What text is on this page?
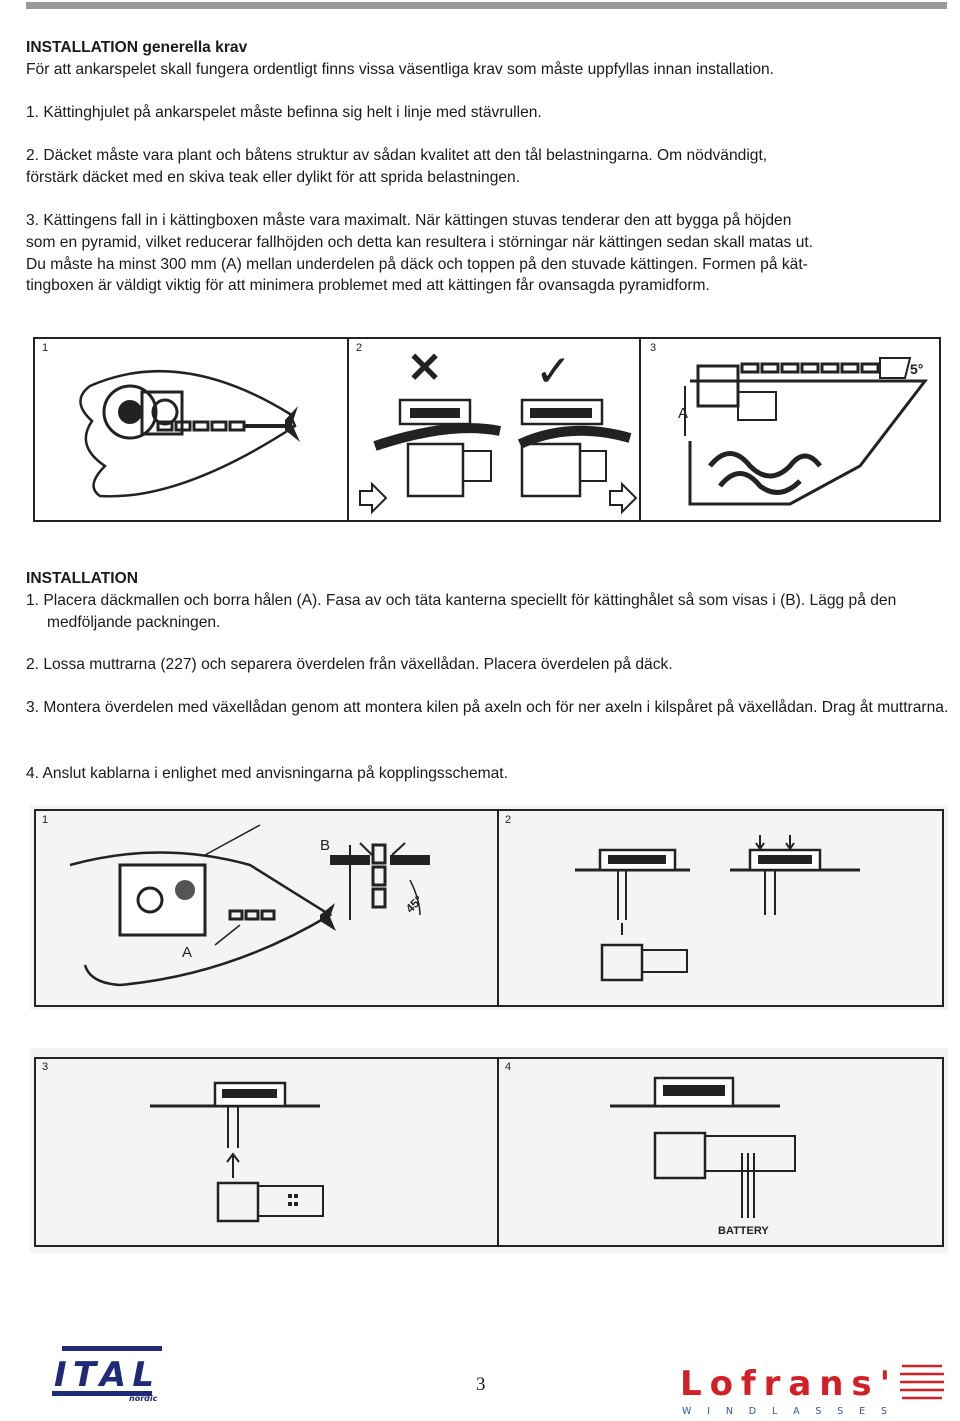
INSTALLATION generella krav
För att ankarspelet skall fungera ordentligt finns vissa väsentliga krav som måste uppfyllas innan installation.
1. Kättinghjulet på ankarspelet måste befinna sig helt i linje med stävrullen.
2. Däcket måste vara plant och båtens struktur av sådan kvalitet att den tål belastningarna. Om nödvändigt,
förstärk däcket med en skiva teak eller dylikt för att sprida belastningen.
3. Kättingens fall in i kättingboxen måste vara maximalt. När kättingen stuvas tenderar den att bygga på höjden
som en pyramid, vilket reducerar fallhöjden och detta kan resultera i störningar när kättingen sedan skall matas ut.
Du måste ha minst 300 mm (A) mellan underdelen på däck och toppen på den stuvade kättingen. Formen på kät-
tingboxen är väldigt viktig för att minimera problemet med att kättingen får ovansagda pyramidform.
✕ ✓
1	2	3
A
5°
INSTALLATION
1. Placera däckmallen och borra hålen (A). Fasa av och täta kanterna speciellt för kättinghålet så som visas i (B). Lägg på den medföljande packningen.
2. Lossa muttrarna (227) och separera överdelen från växellådan. Placera överdelen på däck.
3. Montera överdelen med växellådan genom att montera kilen på axeln och för ner axeln i kilspåret på växellådan. Drag åt muttrarna.
4. Anslut kablarna i enlighet med anvisningarna på kopplingsschemat.
1	2
A
B
45°
3	4
BATTERY
ITAL
nordic
3	Lofrans'
W I N D L A S S E S
